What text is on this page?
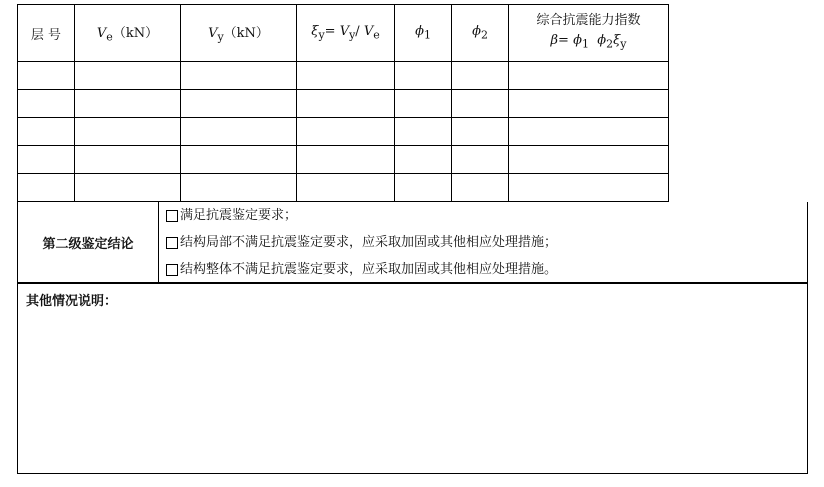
层 号	$V_e(kN)$	$V_y(kN)$	$\xi_y= V_y/$ $V_e$	$\phi_1$	$\phi_2$	综合抗震能力指数
$\beta= \phi_1$ $\phi_2\xi_y$

第二级鉴定结论
满足抗震鉴定要求；
结构局部不满足抗震鉴定要求，应采取加固或其他相应处理措施；
结构整体不满足抗震鉴定要求，应采取加固或其他相应处理措施。
其他情况说明：
